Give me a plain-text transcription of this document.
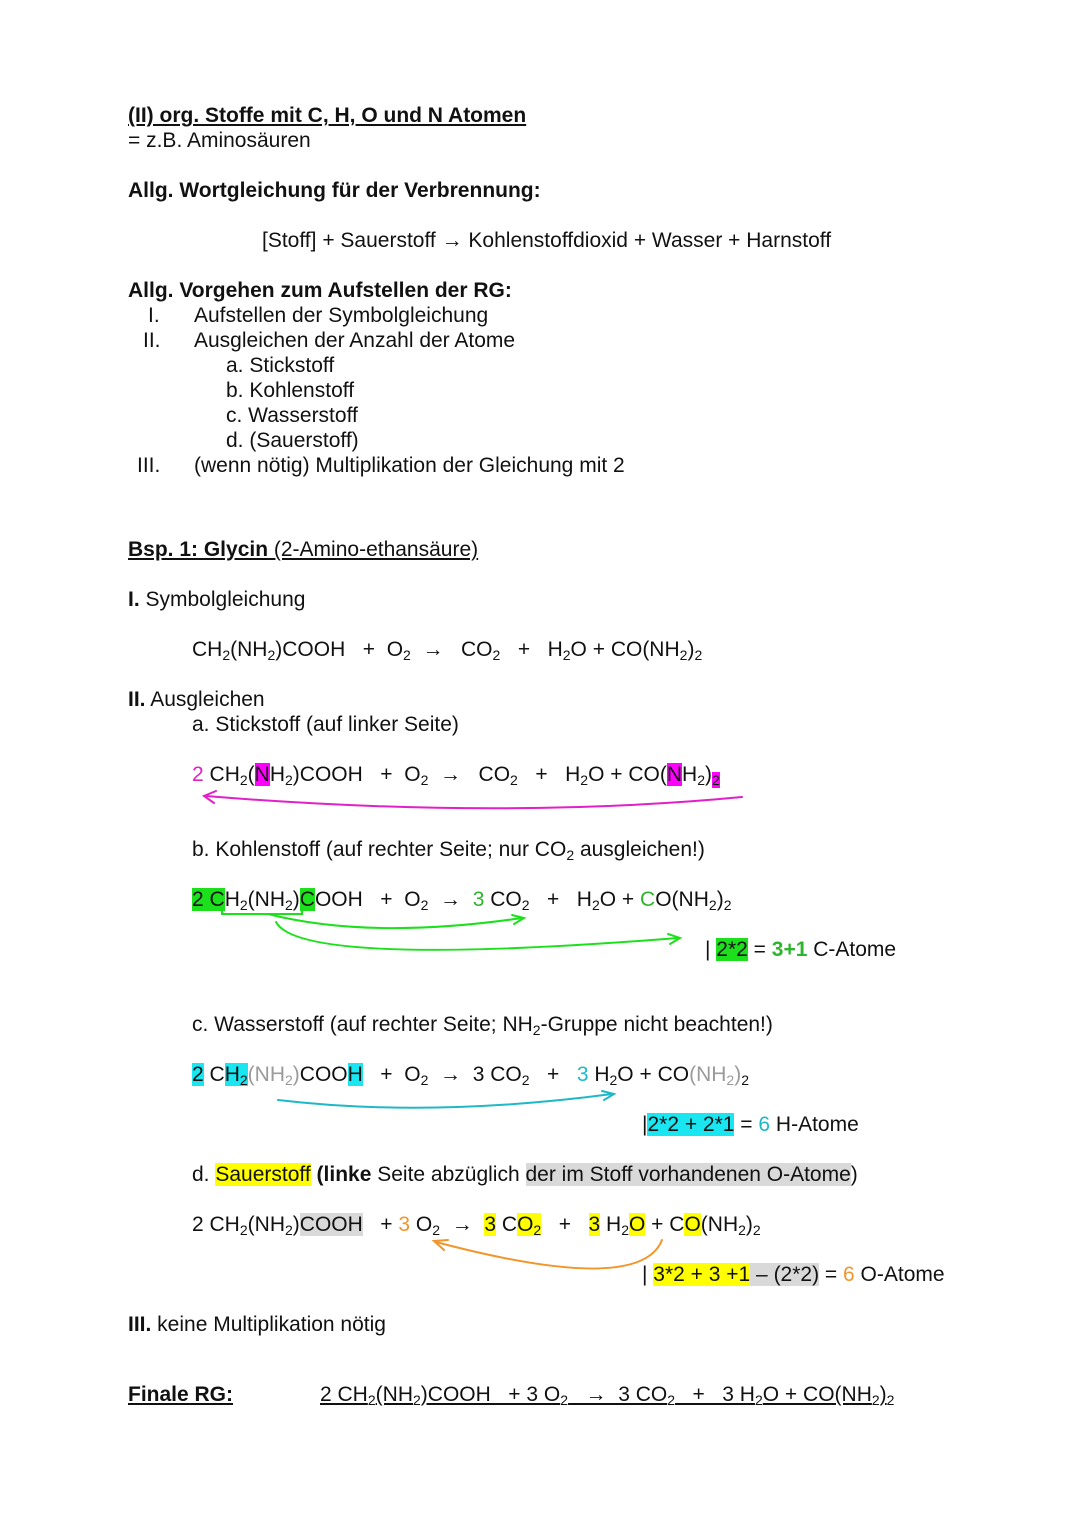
(II) org. Stoffe mit C, H, O und N Atomen
= z.B. Aminosäuren
Allg. Wortgleichung für der Verbrennung:
[Stoff] + Sauerstoff → Kohlenstoffdioxid + Wasser + Harnstoff
Allg. Vorgehen zum Aufstellen der RG:
I. Aufstellen der Symbolgleichung
II. Ausgleichen der Anzahl der Atome
a. Stickstoff
b. Kohlenstoff
c. Wasserstoff
d. (Sauerstoff)
III. (wenn nötig) Multiplikation der Gleichung mit 2
Bsp. 1: Glycin (2-Amino-ethansäure)
I. Symbolgleichung
$CH_2(NH_2)COOH + O_2 \to CO_2 + H_2O + CO(NH_2)_2$
II. Ausgleichen
a. Stickstoff (auf linker Seite)
2 $CH_2(NH_2)COOH + O_2 \to CO_2 + H_2O + CO(NH_2)_2$
b. Kohlenstoff (auf rechter Seite; nur $CO_2$ ausgleichen!)
2 $CH_2(NH_2)COOH + O_2 \to 3$ $CO_2 + H_2O + CO(NH_2)_2$
| 2*2 = 3+1 C-Atome
c. Wasserstoff (auf rechter Seite; $NH_2$-Gruppe nicht beachten!)
2 $CH_2(NH_2)COOH + O_2 \to 3$ $CO_2 + 3$ $H_2O + CO(NH_2)_2$
|2*2 + 2*1 = 6 H-Atome
d. Sauerstoff (linke Seite abzüglich der im Stoff vorhandenen O-Atome)
2 $CH_2(NH_2)COOH + 3$ $O_2 \to 3$ $CO_2 + 3$ $H_2O + CO(NH_2)_2$
| 3*2 + 3 +1 – (2*2) = 6 O-Atome
III. keine Multiplikation nötig
Finale RG:	2 $CH_2(NH_2)COOH + 3$ $O_2 \to 3$ $CO_2 + 3$ $H_2O + CO(NH_2)_2$
